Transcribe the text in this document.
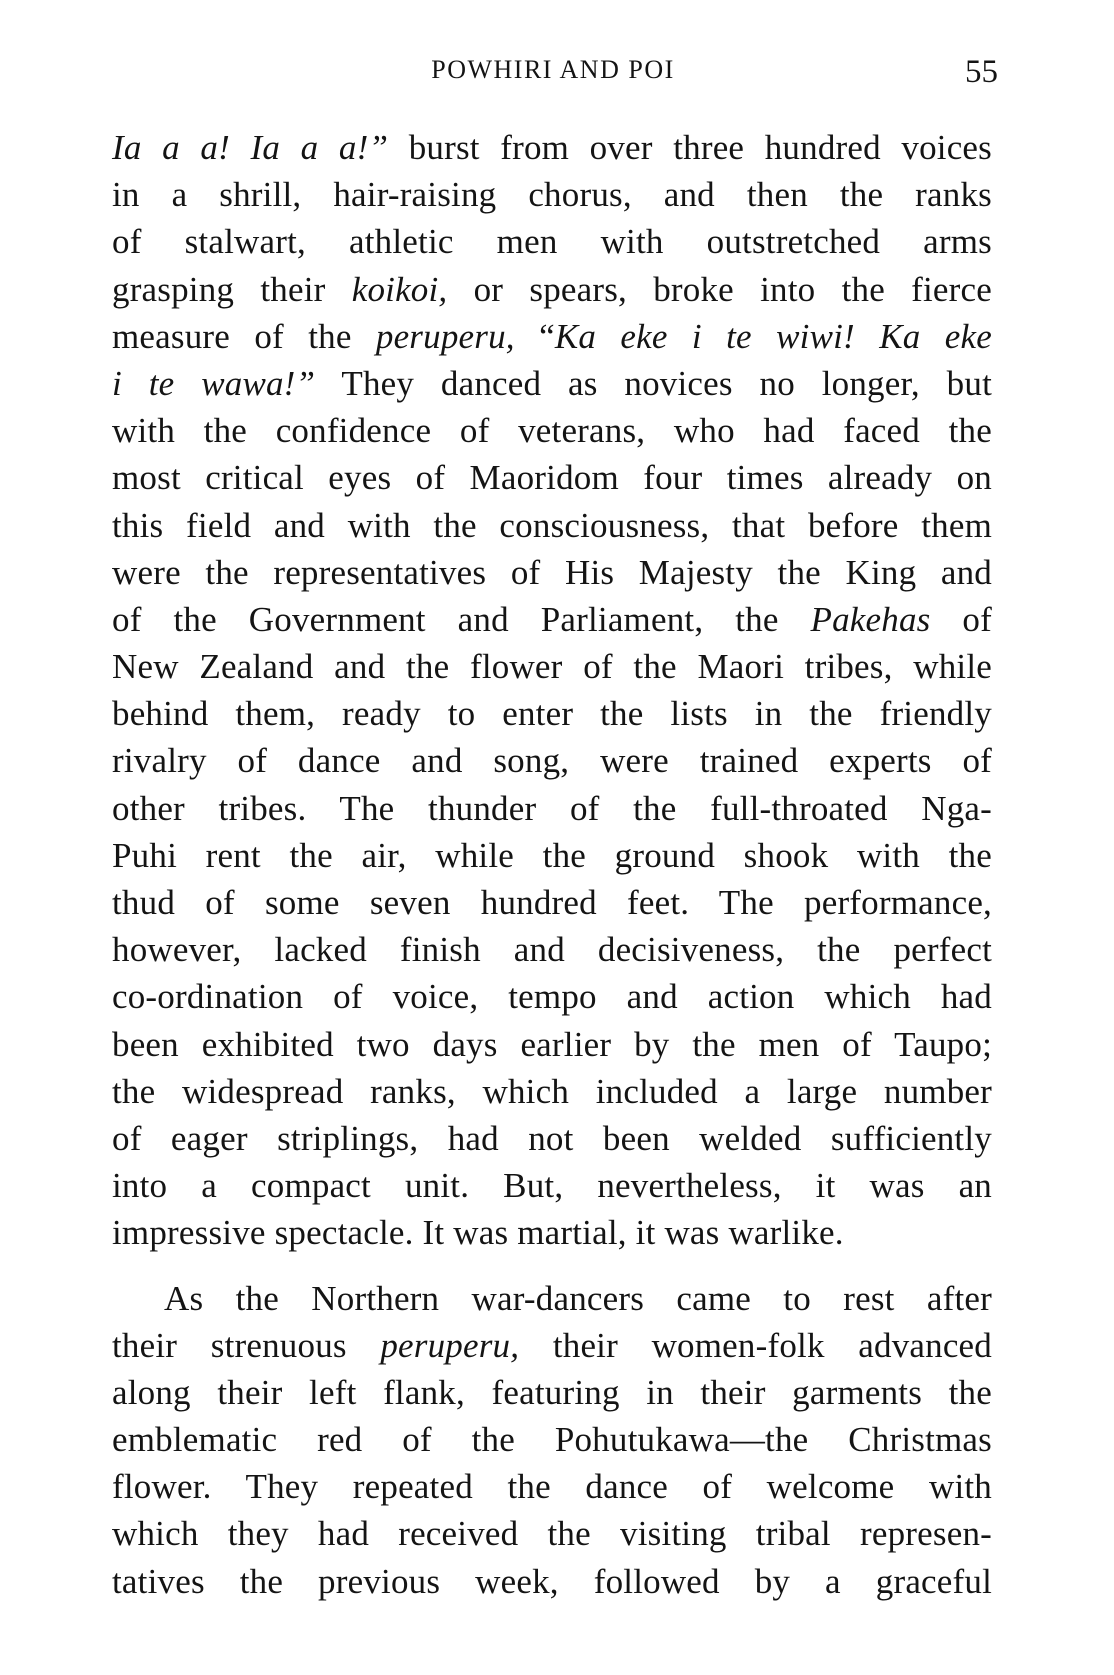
POWHIRI AND POI	55
Ia a a! Ia a a!” burst from over three hundred voices
in a shrill, hair-raising chorus, and then the ranks
of stalwart, athletic men with outstretched arms
grasping their koikoi, or spears, broke into the fierce
measure of the peruperu, “Ka eke i te wiwi! Ka eke
i te wawa!” They danced as novices no longer, but
with the confidence of veterans, who had faced the
most critical eyes of Maoridom four times already on
this field and with the consciousness, that before them
were the representatives of His Majesty the King and
of the Government and Parliament, the Pakehas of
New Zealand and the flower of the Maori tribes, while
behind them, ready to enter the lists in the friendly
rivalry of dance and song, were trained experts of
other tribes. The thunder of the full-throated Nga-
Puhi rent the air, while the ground shook with the
thud of some seven hundred feet. The performance,
however, lacked finish and decisiveness, the perfect
co-ordination of voice, tempo and action which had
been exhibited two days earlier by the men of Taupo;
the widespread ranks, which included a large number
of eager striplings, had not been welded sufficiently
into a compact unit. But, nevertheless, it was an
impressive spectacle. It was martial, it was warlike.
As the Northern war-dancers came to rest after
their strenuous peruperu, their women-folk advanced
along their left flank, featuring in their garments the
emblematic red of the Pohutukawa—the Christmas
flower. They repeated the dance of welcome with
which they had received the visiting tribal represen-
tatives the previous week, followed by a graceful
